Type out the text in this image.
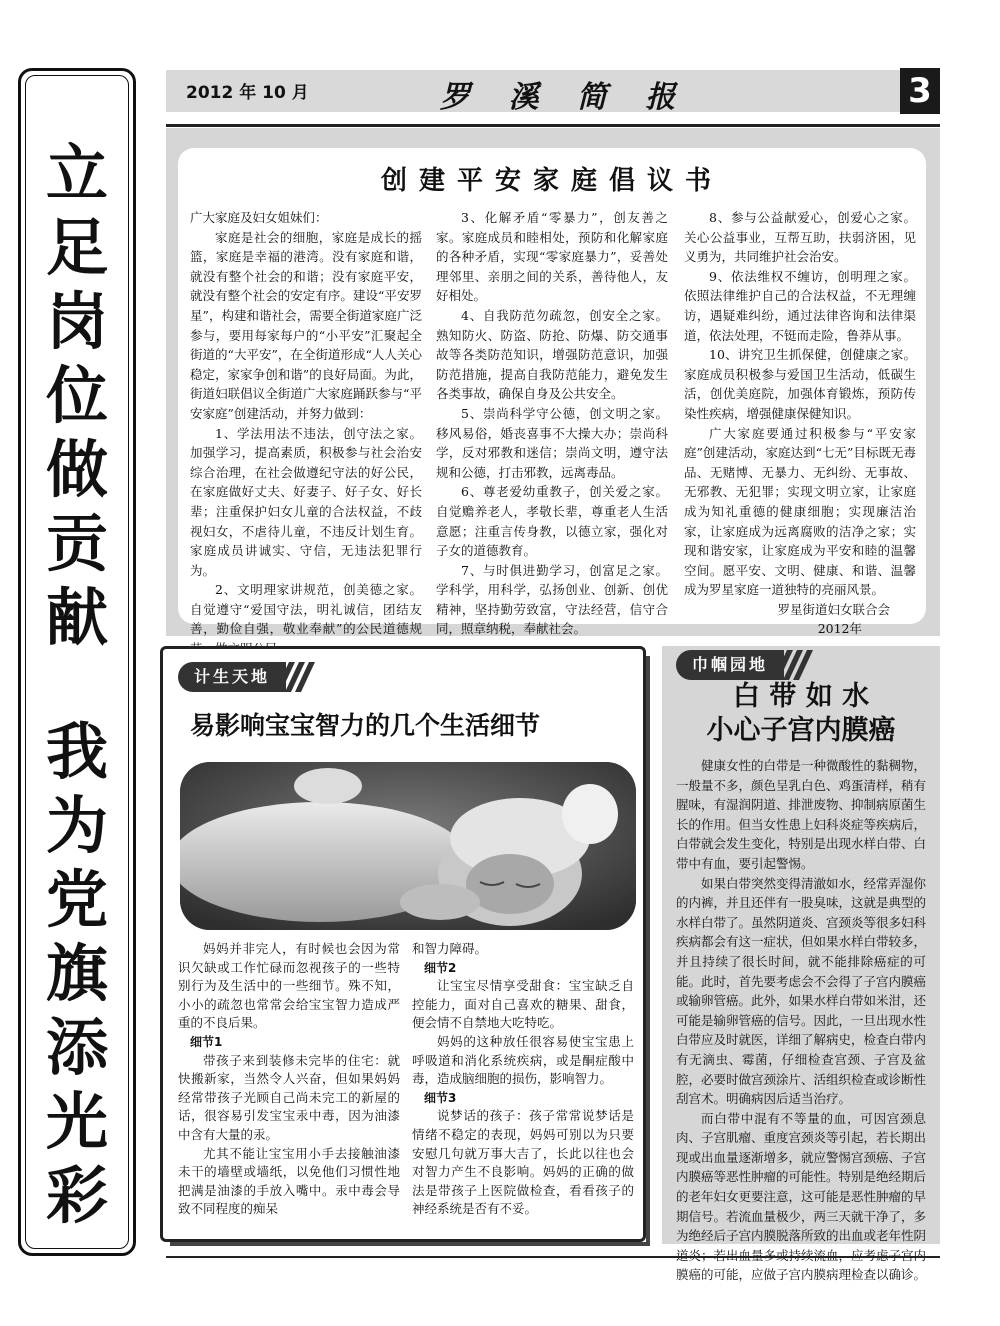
立
足
岗
位
做
贡
献
我
为
党
旗
添
光
彩
2012 年 10 月	罗 溪 简 报	3
创建平安家庭倡议书

广大家庭及妇女姐妹们：

家庭是社会的细胞，家庭是成长的摇篮，家庭是幸福的港湾。没有家庭和谐，就没有整个社会的和谐；没有家庭平安，就没有整个社会的安定有序。建设“平安罗星”，构建和谐社会，需要全街道家庭广泛参与，要用每家每户的“小平安”汇聚起全街道的“大平安”，在全街道形成“人人关心稳定，家家争创和谐”的良好局面。为此，街道妇联倡议全街道广大家庭踊跃参与“平安家庭”创建活动，并努力做到：

1、学法用法不违法，创守法之家。加强学习，提高素质，积极参与社会治安综合治理，在社会做遵纪守法的好公民，在家庭做好丈夫、好妻子、好子女、好长辈；注重保护妇女儿童的合法权益，不歧视妇女，不虐待儿童，不违反计划生育。家庭成员讲诚实、守信，无违法犯罪行为。

2、文明理家讲规范，创美德之家。自觉遵守“爱国守法，明礼诚信，团结友善，勤俭自强，敬业奉献”的公民道德规

3、化解矛盾“零暴力”，创友善之家。家庭成员和睦相处，预防和化解家庭的各种矛盾，实现“零家庭暴力”，妥善处理邻里、亲朋之间的关系，善待他人，友好相处。

4、自我防范勿疏忽，创安全之家。熟知防火、防盗、防抢、防爆、防交通事故等各类防范知识，增强防范意识，加强防范措施，提高自我防范能力，避免发生各类事故，确保自身及公共安全。

5、崇尚科学守公德，创文明之家。移风易俗，婚丧喜事不大操大办；崇尚科学，反对邪教和迷信；崇尚文明，遵守法规和公德，打击邪教，远离毒品。

6、尊老爱幼重教子，创关爱之家。自觉赡养老人，孝敬长辈，尊重老人生活意愿；注重言传身教，以德立家，强化对子女的道德教育。

7、与时俱进勤学习，创富足之家。学科学，用科学，弘扬创业、创新、创优精神，坚持勤劳致富，守法经营，信守合同，照章纳税，奉献社会。

8、参与公益献爱心，创爱心之家。关心公益事业，互帮互助，扶弱济困，见义勇为，共同维护社会治安。

9、依法维权不缠访，创明理之家。依照法律维护自己的合法权益，不无理缠访，遇疑难纠纷，通过法律咨询和法律渠道，依法处理，不铤而走险，鲁莽从事。

10、讲究卫生抓保健，创健康之家。家庭成员积极参与爱国卫生活动，低碳生活，创优美庭院，加强体育锻炼，预防传染性疾病，增强健康保健知识。

广大家庭要通过积极参与“平安家庭”创建活动，家庭达到“七无”目标既无毒品、无赌博、无暴力、无纠纷、无事故、无邪教、无犯罪；实现文明立家，让家庭成为知礼重德的健康细胞；实现廉洁治家，让家庭成为远离腐败的洁净之家；实现和谐安家，让家庭成为平安和睦的温馨空间。愿平安、文明、健康、和谐、温馨成为罗星家庭一道独特的亮丽风景。

罗星街道妇女联合会

2012年

计生天地
易影响宝宝智力的几个生活细节

妈妈并非完人，有时候也会因为常识欠缺或工作忙碌而忽视孩子的一些特别行为及生活中的一些细节。殊不知，小小的疏忽也常常会给宝宝智力造成严重的不良后果。

细节1

带孩子来到装修未完毕的住宅：就快搬新家，当然令人兴奋，但如果妈妈经常带孩子光顾自己尚未完工的新屋的话，很容易引发宝宝汞中毒，因为油漆中含有大量的汞。

尤其不能让宝宝用小手去接触油漆未干的墙壁或墙纸，以免他们习惯性地把满是油漆的手放入嘴中。汞中毒会导致不同程度的痴呆

和智力障碍。

细节2

让宝宝尽情享受甜食：宝宝缺乏自控能力，面对自己喜欢的糖果、甜食，便会情不自禁地大吃特吃。

妈妈的这种放任很容易使宝宝患上呼吸道和消化系统疾病，或是酮症酸中毒，造成脑细胞的损伤，影响智力。

细节3

说梦话的孩子：孩子常常说梦话是情绪不稳定的表现，妈妈可别以为只要安慰几句就万事大吉了，长此以往也会对智力产生不良影响。妈妈的正确的做法是带孩子上医院做检查，看看孩子的神经系统是否有不妥。

巾帼园地
白 带 如 水
小心子宫内膜癌

健康女性的白带是一种微酸性的黏稠物，一般量不多，颜色呈乳白色、鸡蛋清样，稍有腥味，有湿润阴道、排泄废物、抑制病原菌生长的作用。但当女性患上妇科炎症等疾病后，白带就会发生变化，特别是出现水样白带、白带中有血，要引起警惕。

如果白带突然变得清澈如水，经常弄湿你的内裤，并且还伴有一股臭味，这就是典型的水样白带了。虽然阴道炎、宫颈炎等很多妇科疾病都会有这一症状，但如果水样白带较多，并且持续了很长时间，就不能排除癌症的可能。此时，首先要考虑会不会得了子宫内膜癌或输卵管癌。此外，如果水样白带如米泔，还可能是输卵管癌的信号。因此，一旦出现水性白带应及时就医，详细了解病史，检查白带内有无滴虫、霉菌，仔细检查宫颈、子宫及盆腔，必要时做宫颈涂片、活组织检查或诊断性刮宫术。明确病因后适当治疗。

而白带中混有不等量的血，可因宫颈息肉、子宫肌瘤、重度宫颈炎等引起，若长期出现或出血量逐渐增多，就应警惕宫颈癌、子宫内膜癌等恶性肿瘤的可能性。特别是绝经期后的老年妇女更要注意，这可能是恶性肿瘤的早期信号。若流血量极少，两三天就干净了，多为绝经后子宫内膜脱落所致的出血或老年性阴 膜癌的可能，应做子宫内膜病理检查以确诊。
